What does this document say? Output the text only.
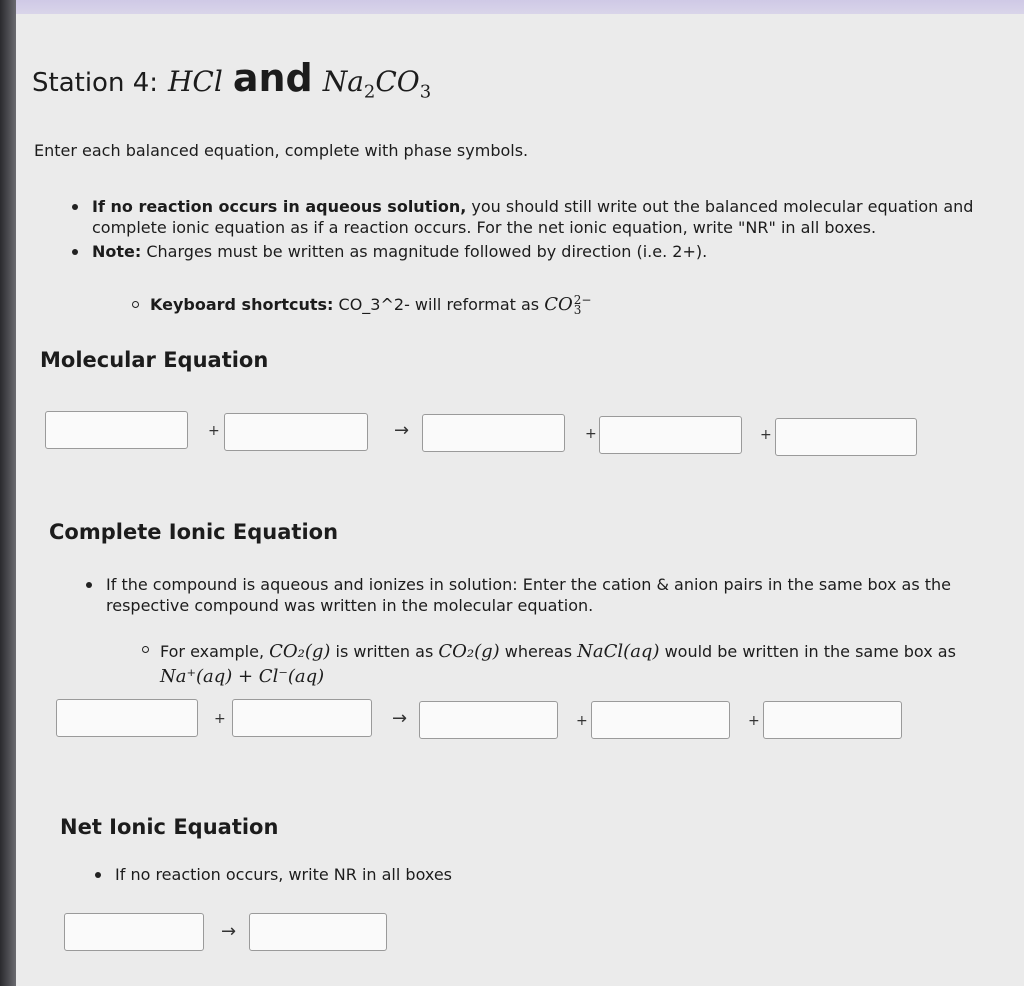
Station 4: HCl and $Na_2CO_3$
Enter each balanced equation, complete with phase symbols.
If no reaction occurs in aqueous solution, you should still write out the balanced molecular equation and complete ionic equation as if a reaction occurs. For the net ionic equation, write "NR" in all boxes.
Note: Charges must be written as magnitude followed by direction (i.e. 2+).
Keyboard shortcuts: CO_3^2- will reformat as CO 2−
3
Molecular Equation
+	→	+	+
Complete Ionic Equation
If the compound is aqueous and ionizes in solution: Enter the cation & anion pairs in the same box as the respective compound was written in the molecular equation.
For example, CO₂(g) is written as CO₂(g) whereas NaCl(aq) would be written in the same box as Na⁺(aq) + Cl⁻(aq)
+	→	+	+
Net Ionic Equation
If no reaction occurs, write NR in all boxes
→
